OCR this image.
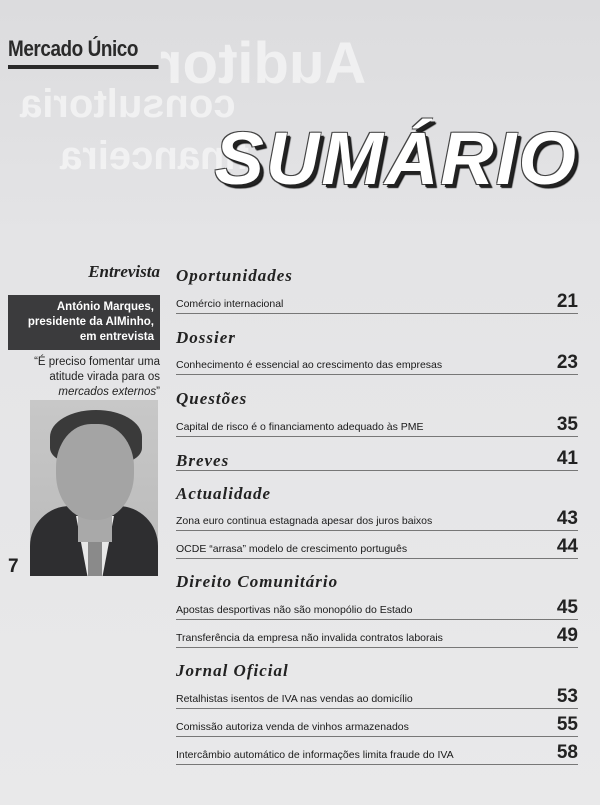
Mercado Único Auditor
consultoria
financeira
SUMÁRIO
Entrevista
António Marques, presidente da AIMinho, em entrevista
“É preciso fomentar uma atitude virada para os mercados externos”
7
Oportunidades
Comércio internacional	21
Dossier
Conhecimento é essencial ao crescimento das empresas	23
Questões
Capital de risco é o financiamento adequado às PME	35
Breves	41
Actualidade
Zona euro continua estagnada apesar dos juros baixos	43
OCDE “arrasa” modelo de crescimento português	44
Direito Comunitário
Apostas desportivas não são monopólio do Estado	45
Transferência da empresa não invalida contratos laborais	49
Jornal Oficial
Retalhistas isentos de IVA nas vendas ao domicílio	53
Comissão autoriza venda de vinhos armazenados	55
Intercâmbio automático de informações limita fraude do IVA	58
